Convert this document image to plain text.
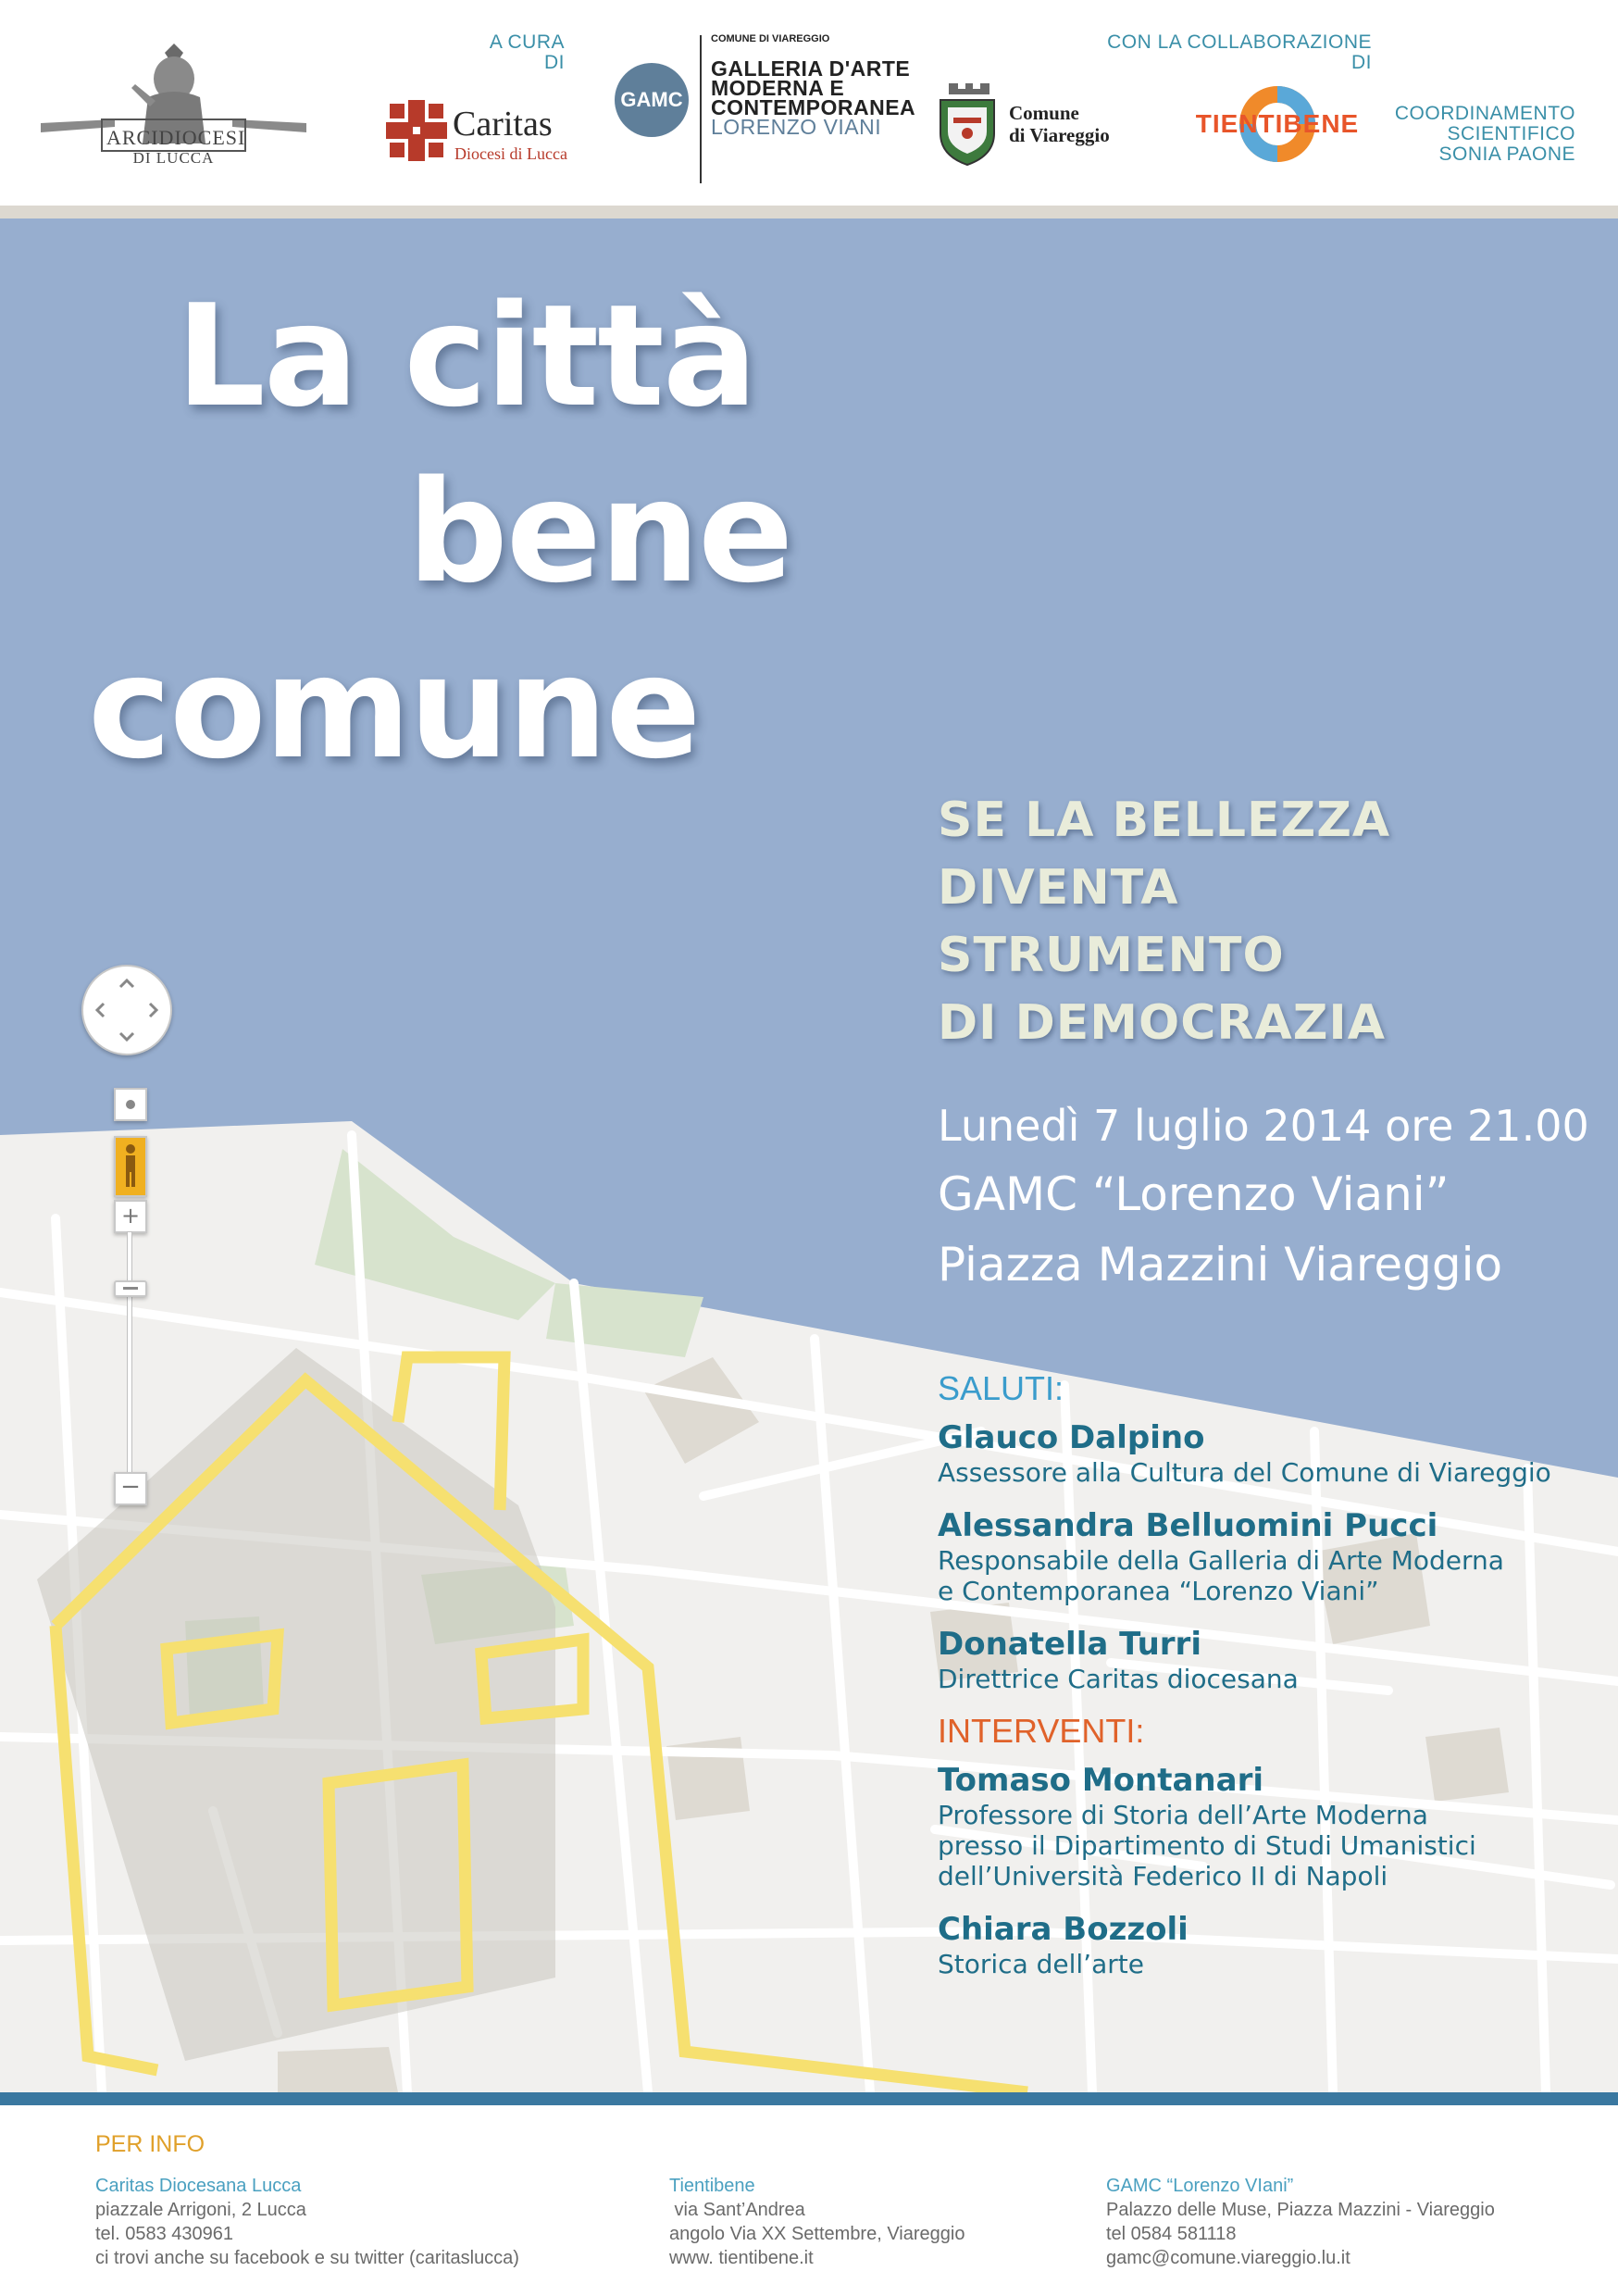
ARCIDIOCESI
DI LUCCA
A CURA DI
Caritas
Diocesi di Lucca
GAMC
COMUNE DI VIAREGGIO
GALLERIA D'ARTE
MODERNA E
CONTEMPORANEA
LORENZO VIANI
Comune
di Viareggio
CON LA COLLABORAZIONE DI
TIENTIBENE	COORDINAMENTO
SCIENTIFICO
SONIA PAONE
+
−
La città
bene
comune
SE LA BELLEZZA
DIVENTA
STRUMENTO
DI DEMOCRAZIA
Lunedì 7 luglio 2014 ore 21.00
GAMC “Lorenzo Viani”
Piazza Mazzini Viareggio
SALUTI:
Glauco Dalpino
Assessore alla Cultura del Comune di Viareggio
Alessandra Belluomini Pucci
Responsabile della Galleria di Arte Moderna
e Contemporanea “Lorenzo Viani”
Donatella Turri
Direttrice Caritas diocesana
INTERVENTI:
Tomaso Montanari
Professore di Storia dell’Arte Moderna
presso il Dipartimento di Studi Umanistici
dell’Università Federico II di Napoli
Chiara Bozzoli
Storica dell’arte
PER INFO
Caritas Diocesana Lucca
piazzale Arrigoni, 2 Lucca
tel. 0583 430961
ci trovi anche su facebook e su twitter (caritaslucca)
Tientibene
via Sant’Andrea
angolo Via XX Settembre, Viareggio
www. tientibene.it
GAMC “Lorenzo VIani”
Palazzo delle Muse, Piazza Mazzini - Viareggio
tel 0584 581118
gamc@comune.viareggio.lu.it
